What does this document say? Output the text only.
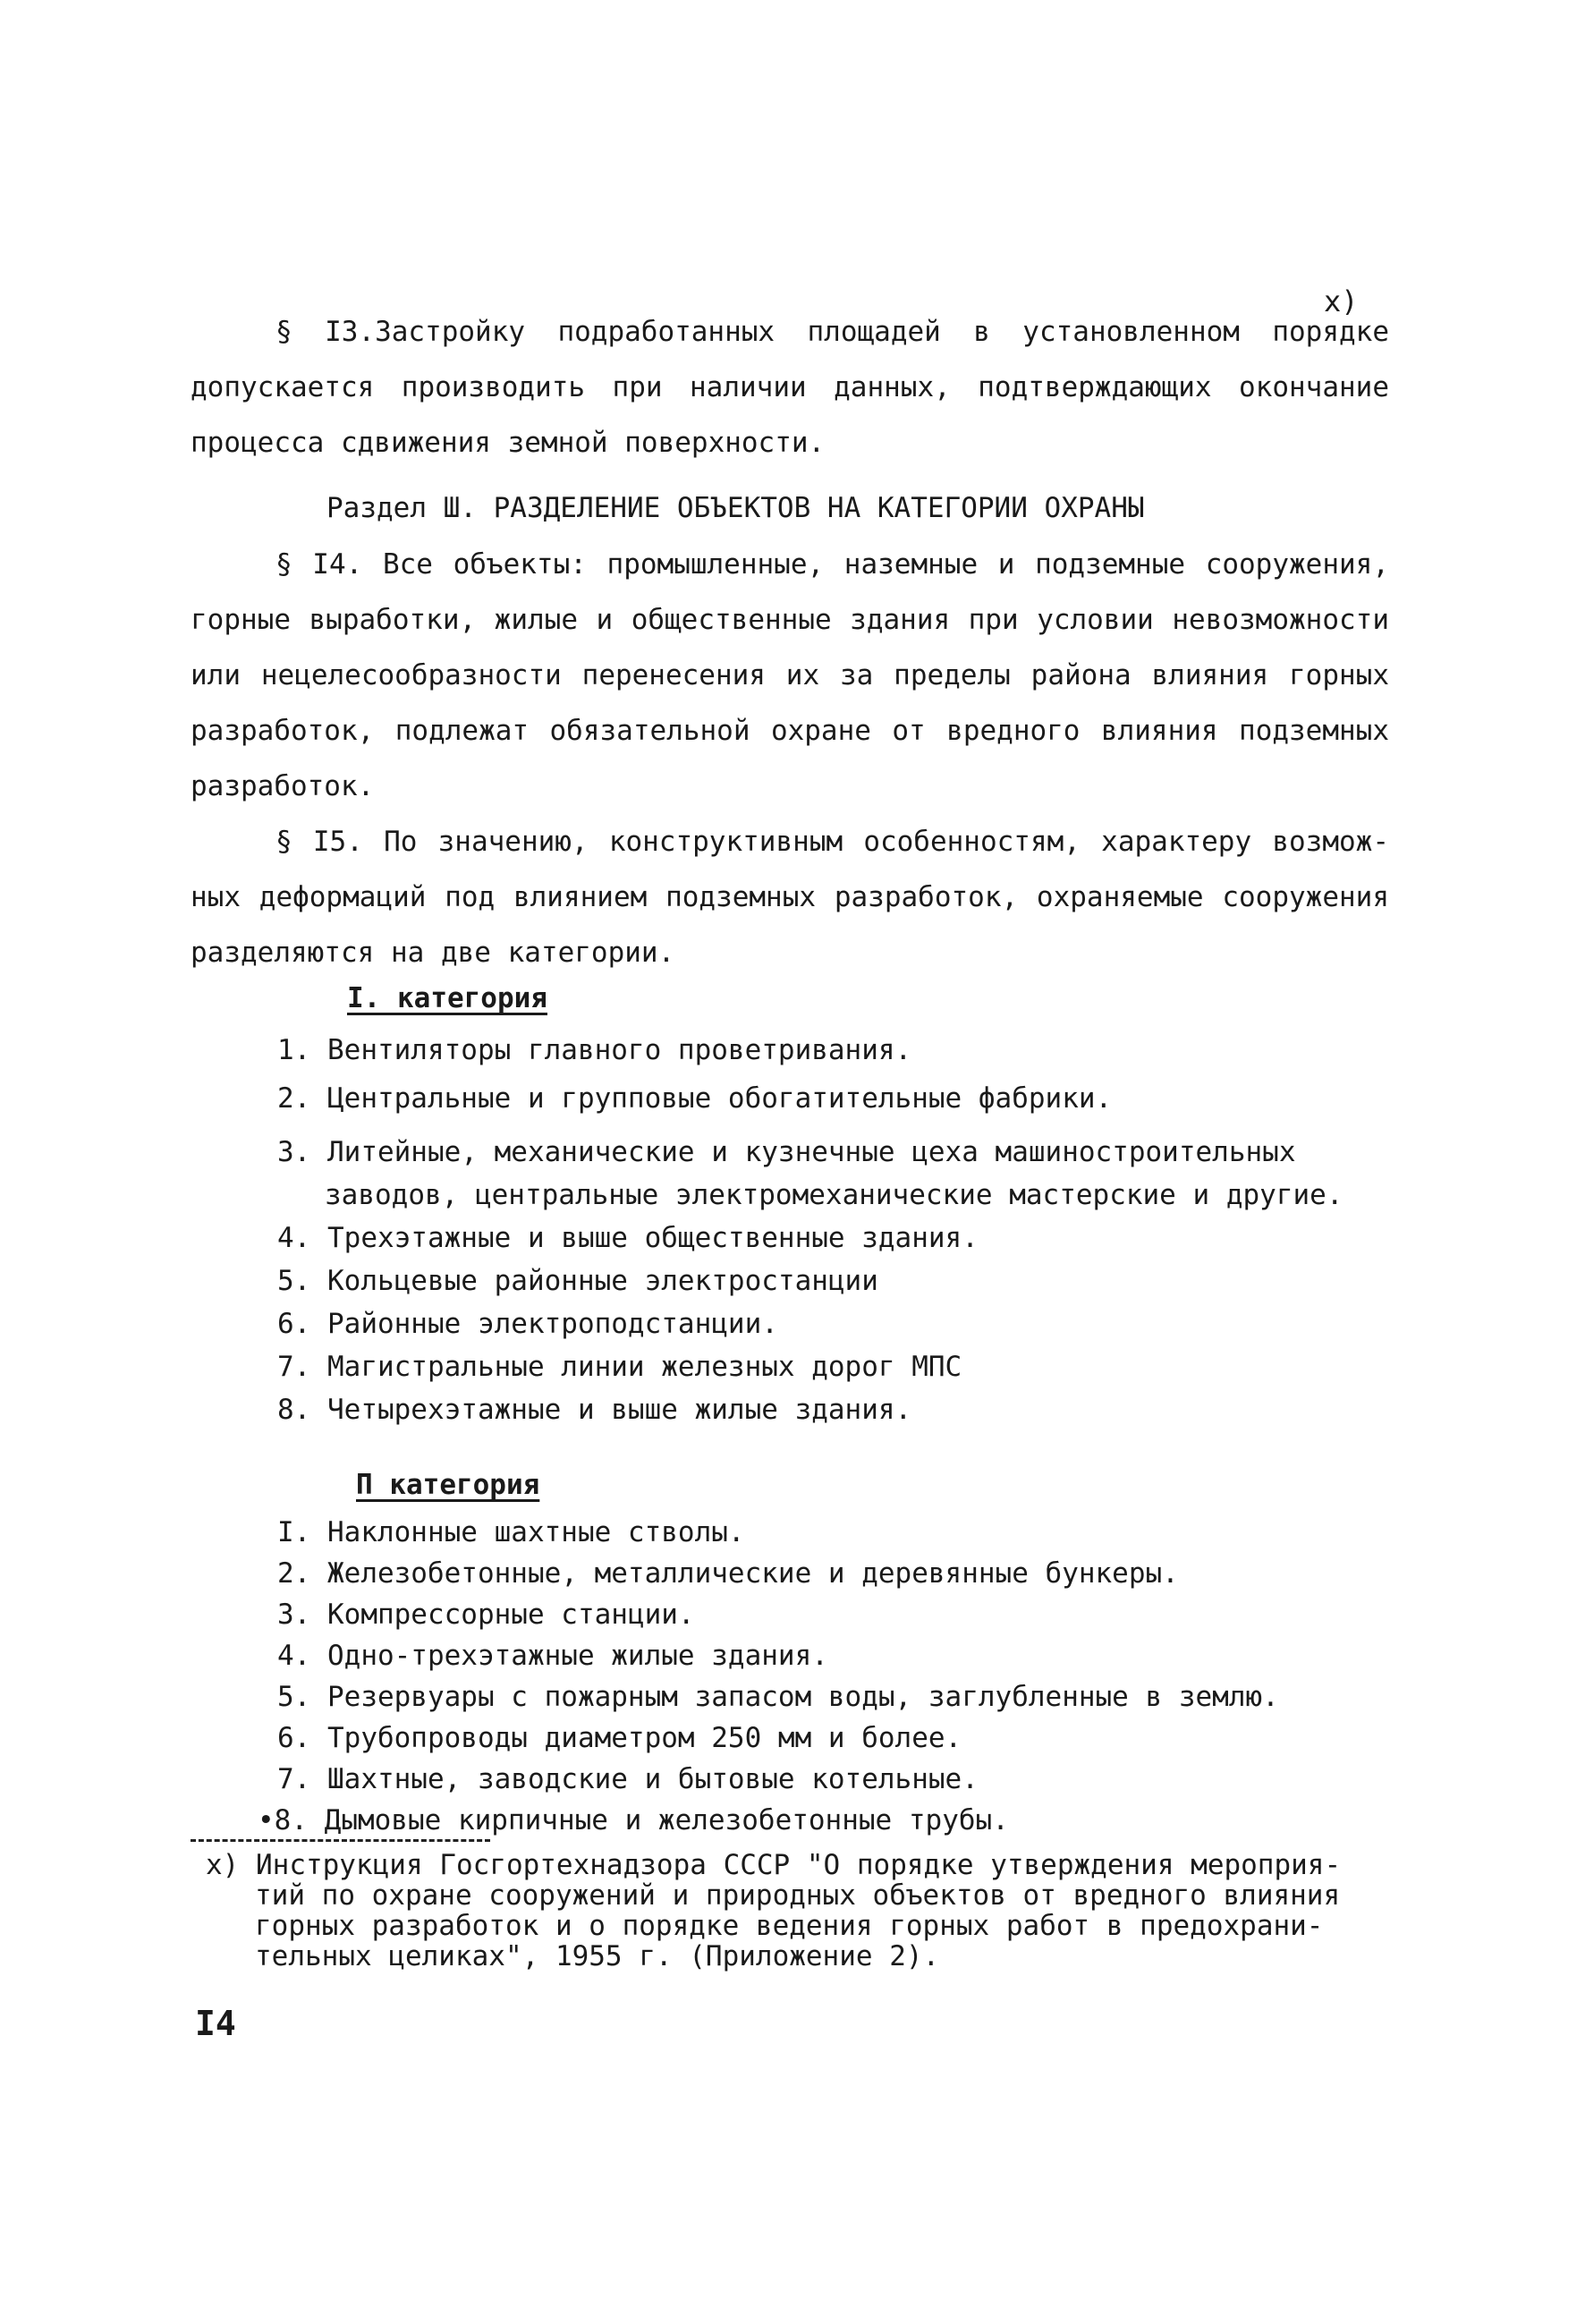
x)
§ I3.Застройку подработанных площадей в установленном порядке
допускается производить при наличии данных, подтверждающих окончание
процесса сдвижения земной поверхности.
Раздел Ш. РАЗДЕЛЕНИЕ ОБЪЕКТОВ НА КАТЕГОРИИ ОХРАНЫ
§ I4. Все объекты: промышленные, наземные и подземные сооружения,
горные выработки, жилые и общественные здания при условии невозможности
или нецелесообразности перенесения их за пределы района влияния горных
разработок, подлежат обязательной охране от вредного влияния подземных
разработок.
§ I5. По значению, конструктивным особенностям, характеру возмож-
ных деформаций под влиянием подземных разработок, охраняемые сооружения
разделяются на две категории.
I. категория
1. Вентиляторы главного проветривания.
2. Центральные и групповые обогатительные фабрики.
3. Литейные, механические и кузнечные цеха машиностроительных
заводов, центральные электромеханические мастерские и другие.
4. Трехэтажные и выше общественные здания.
5. Кольцевые районные электростанции
6. Районные электроподстанции.
7. Магистральные линии железных дорог МПС
8. Четырехэтажные и выше жилые здания.
П категория
I. Наклонные шахтные стволы.
2. Железобетонные, металлические и деревянные бункеры.
3. Компрессорные станции.
4. Одно-трехэтажные жилые здания.
5. Резервуары с пожарным запасом воды, заглубленные в землю.
6. Трубопроводы диаметром 250 мм и более.
7. Шахтные, заводские и бытовые котельные.
•8. Дымовые кирпичные и железобетонные трубы.
х) Инструкция Госгортехнадзора СССР "О порядке утверждения мероприя-
тий по охране сооружений и природных объектов от вредного влияния
горных разработок и о порядке ведения горных работ в предохрани-
тельных целиках", 1955 г. (Приложение 2).
I4
